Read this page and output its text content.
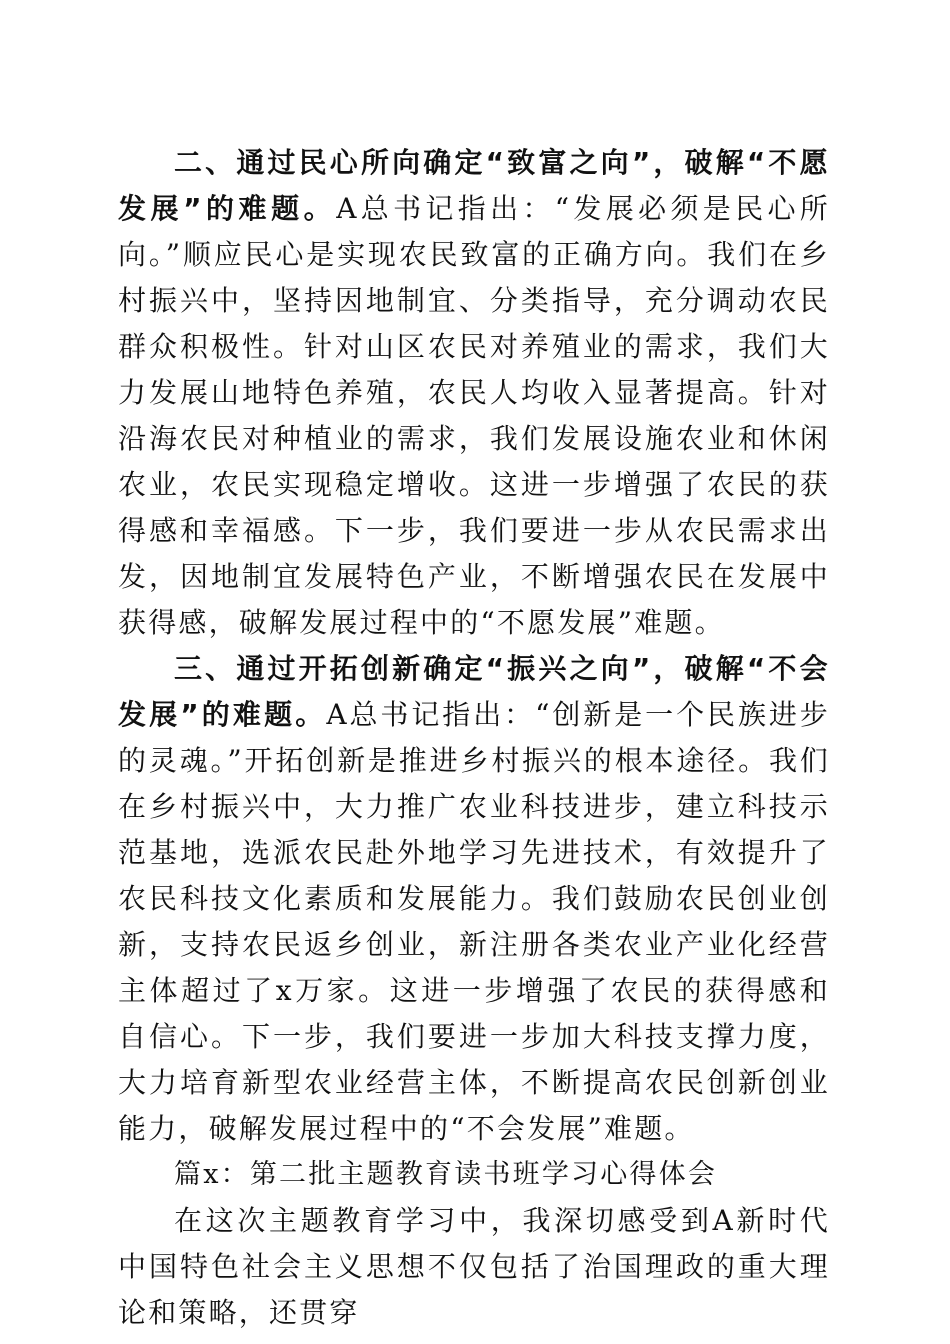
二、通过民心所向确定“致富之向”，破解“不愿发展”的难题。A总书记指出：“发展必须是民心所向。”顺应民心是实现农民致富的正确方向。我们在乡村振兴中，坚持因地制宜、分类指导，充分调动农民群众积极性。针对山区农民对养殖业的需求，我们大力发展山地特色养殖，农民人均收入显著提高。针对沿海农民对种植业的需求，我们发展设施农业和休闲农业，农民实现稳定增收。这进一步增强了农民的获得感和幸福感。下一步，我们要进一步从农民需求出发，因地制宜发展特色产业，不断增强农民在发展中获得感，破解发展过程中的“不愿发展”难题。

三、通过开拓创新确定“振兴之向”，破解“不会发展”的难题。A总书记指出：“创新是一个民族进步的灵魂。”开拓创新是推进乡村振兴的根本途径。我们在乡村振兴中，大力推广农业科技进步，建立科技示范基地，选派农民赴外地学习先进技术，有效提升了农民科技文化素质和发展能力。我们鼓励农民创业创新，支持农民返乡创业，新注册各类农业产业化经营主体超过了x万家。这进一步增强了农民的获得感和自信心。下一步，我们要进一步加大科技支撑力度，大力培育新型农业经营主体，不断提高农民创新创业能力，破解发展过程中的“不会发展”难题。

篇x：第二批主题教育读书班学习心得体会

在这次主题教育学习中，我深切感受到A新时代中国特色社会主义思想不仅包括了治国理政的重大理论和策略，还贯穿
